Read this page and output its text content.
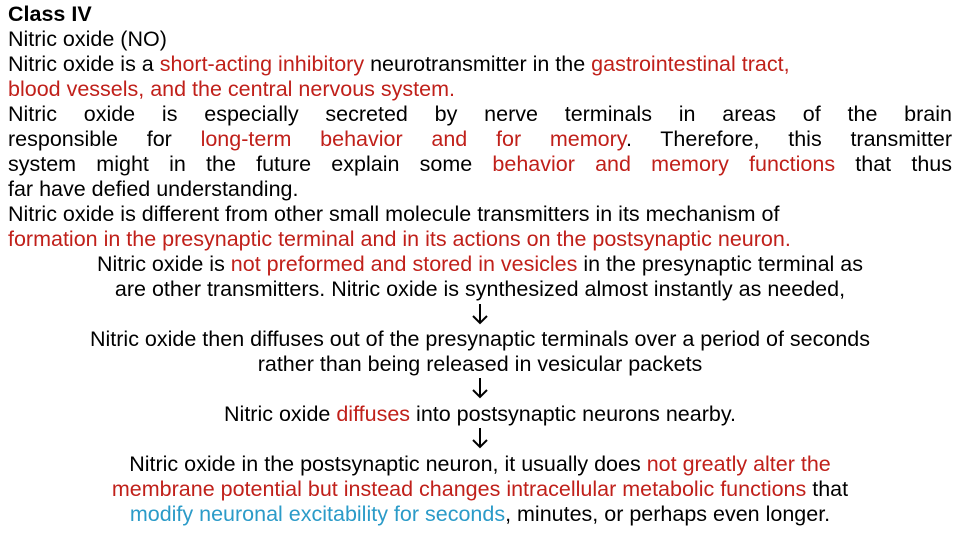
Class IV
Nitric oxide (NO)
Nitric oxide is a short-acting inhibitory neurotransmitter in the gastrointestinal tract,
blood vessels, and the central nervous system.
Nitric oxide is especially secreted by nerve terminals in areas of the brain
responsible for long-term behavior and for memory. Therefore, this transmitter
system might in the future explain some behavior and memory functions that thus
far have defied understanding.
Nitric oxide is different from other small molecule transmitters in its mechanism of
formation in the presynaptic terminal and in its actions on the postsynaptic neuron.
Nitric oxide is not preformed and stored in vesicles in the presynaptic terminal as
are other transmitters. Nitric oxide is synthesized almost instantly as needed,
Nitric oxide then diffuses out of the presynaptic terminals over a period of seconds
rather than being released in vesicular packets
Nitric oxide diffuses into postsynaptic neurons nearby.
Nitric oxide in the postsynaptic neuron, it usually does not greatly alter the
membrane potential but instead changes intracellular metabolic functions that
modify neuronal excitability for seconds, minutes, or perhaps even longer.
